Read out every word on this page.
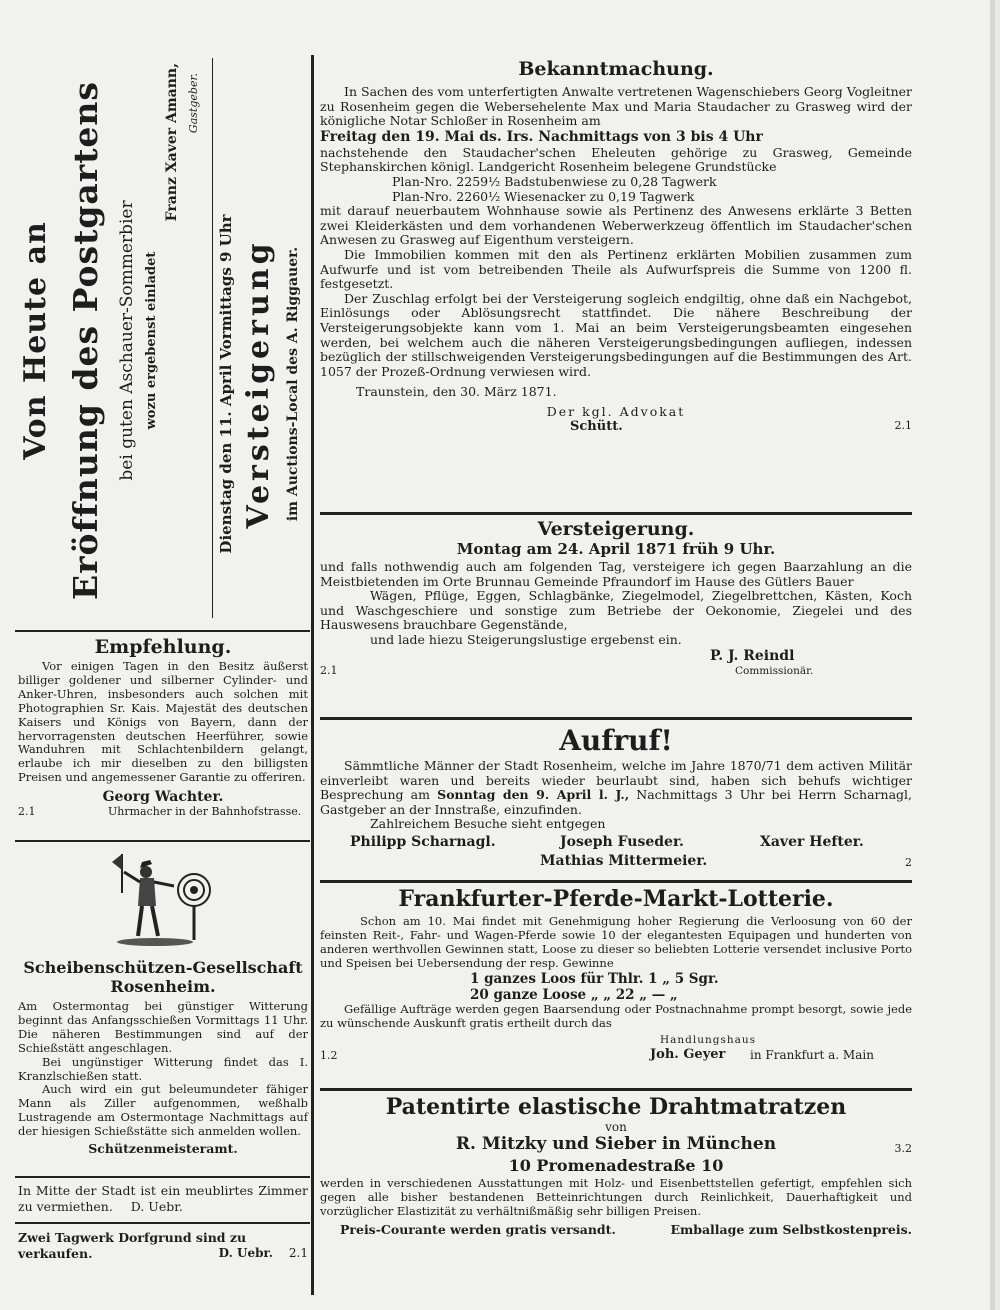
Von Heute an Eröffnung des Postgartens bei guten Aschauer-Sommerbier wozu ergebenst einladet
Franz Xaver Amann, Gastgeber.
Dienstag den 11. April Vormittags 9 Uhr Versteigerung im Auctions-Local des A. Riggauer.
Empfehlung.

Vor einigen Tagen in den Besitz äußerst billiger goldener und silberner Cylinder- und Anker-Uhren, insbesonders auch solchen mit Photographien Sr. Kais. Majestät des deutschen Kaisers und Königs von Bayern, dann der hervorragensten deutschen Heerführer, sowie Wanduhren mit Schlachtenbildern gelangt, erlaube ich mir dieselben zu den billigsten Preisen und angemessener Garantie zu offeriren.

Georg Wachter.
2.1	Uhrmacher in der Bahnhofstrasse.
Scheibenschützen-Gesellschaft
Rosenheim.

Am Ostermontag bei günstiger Witterung beginnt das Anfangsschießen Vormittags 11 Uhr. Die näheren Bestimmungen sind auf der Schießstätt angeschlagen.

Bei ungünstiger Witterung findet das I. Kranzlschießen statt.

Auch wird ein gut beleumundeter fähiger Mann als Ziller aufgenommen, weßhalb Lustragende am Ostermontage Nachmittags auf der hiesigen Schießstätte sich anmelden wollen.

Schützenmeisteramt.

In Mitte der Stadt ist ein meublirtes Zimmer zu vermiethen. D. Uebr.

Zwei Tagwerk Dorfgrund sind zu verkaufen.	D. Uebr. 2.1
Bekanntmachung.

In Sachen des vom unterfertigten Anwalte vertretenen Wagenschiebers Georg Vogleitner zu Rosenheim gegen die Webersehelente Max und Maria Staudacher zu Grasweg wird der königliche Notar Schloßer in Rosenheim am

Freitag den 19. Mai ds. Irs. Nachmittags von 3 bis 4 Uhr

nachstehende den Staudacher'schen Eheleuten gehörige zu Grasweg, Gemeinde Stephanskirchen königl. Landgericht Rosenheim belegene Grundstücke

Plan-Nro. 2259½ Badstubenwiese zu 0,28 Tagwerk

Plan-Nro. 2260½ Wiesenacker zu 0,19 Tagwerk

mit darauf neuerbautem Wohnhause sowie als Pertinenz des Anwesens erklärte 3 Betten zwei Kleiderkästen und dem vorhandenen Weberwerkzeug öffentlich im Staudacher'schen Anwesen zu Grasweg auf Eigenthum versteigern.

Die Immobilien kommen mit den als Pertinenz erklärten Mobilien zusammen zum Aufwurfe und ist vom betreibenden Theile als Aufwurfspreis die Summe von 1200 fl. festgesetzt.

Der Zuschlag erfolgt bei der Versteigerung sogleich endgiltig, ohne daß ein Nachgebot, Einlösungs oder Ablösungsrecht stattfindet. Die nähere Beschreibung der Versteigerungsobjekte kann vom 1. Mai an beim Versteigerungsbeamten eingesehen werden, bei welchem auch die näheren Versteigerungsbedingungen aufliegen, indessen bezüglich der stillschweigenden Versteigerungsbedingungen auf die Bestimmungen des Art. 1057 der Prozeß-Ordnung verwiesen wird.

Traunstein, den 30. März 1871.

Der kgl. Advokat
Schütt.	2.1
Versteigerung.
Montag am 24. April 1871 früh 9 Uhr.

und falls nothwendig auch am folgenden Tag, versteigere ich gegen Baarzahlung an die Meistbietenden im Orte Brunnau Gemeinde Pfraundorf im Hause des Gütlers Bauer

Wägen, Pflüge, Eggen, Schlagbänke, Ziegelmodel, Ziegelbrettchen, Kästen, Koch und Waschgeschiere und sonstige zum Betriebe der Oekonomie, Ziegelei und des Hauswesens brauchbare Gegenstände,

und lade hiezu Steigerungslustige ergebenst ein.

2.1
P. J. Reindl
Commissionär.
Aufruf!

Sämmtliche Männer der Stadt Rosenheim, welche im Jahre 1870/71 dem activen Militär einverleibt waren und bereits wieder beurlaubt sind, haben sich behufs wichtiger Besprechung am Sonntag den 9. April l. J., Nachmittags 3 Uhr bei Herrn Scharnagl, Gastgeber an der Innstraße, einzufinden.

Zahlreichem Besuche sieht entgegen

Philipp Scharnagl.	Joseph Fuseder.	Xaver Hefter.
Mathias Mittermeier.	2
Frankfurter-Pferde-Markt-Lotterie.

Schon am 10. Mai findet mit Genehmigung hoher Regierung die Verloosung von 60 der feinsten Reit-, Fahr- und Wagen-Pferde sowie 10 der elegantesten Equipagen und hunderten von anderen werthvollen Gewinnen statt, Loose zu dieser so beliebten Lotterie versendet inclusive Porto und Speisen bei Uebersendung der resp. Gewinne

1 ganzes Loos für Thlr. 1 „ 5 Sgr.

20 ganze Loose „ „ 22 „ — „

Gefällige Aufträge werden gegen Baarsendung oder Postnachnahme prompt besorgt, sowie jede zu wünschende Auskunft gratis ertheilt durch das

Handlungshaus
1.2	Joh. Geyer in Frankfurt a. Main
Patentirte elastische Drahtmatratzen
von
R. Mitzky und Sieber in München	3.2
10 Promenadestraße 10

werden in verschiedenen Ausstattungen mit Holz- und Eisenbettstellen gefertigt, empfehlen sich gegen alle bisher bestandenen Betteinrichtungen durch Reinlichkeit, Dauerhaftigkeit und vorzüglicher Elastizität zu verhältnißmäßig sehr billigen Preisen.

Preis-Courante werden gratis versandt.	Emballage zum Selbstkostenpreis.
